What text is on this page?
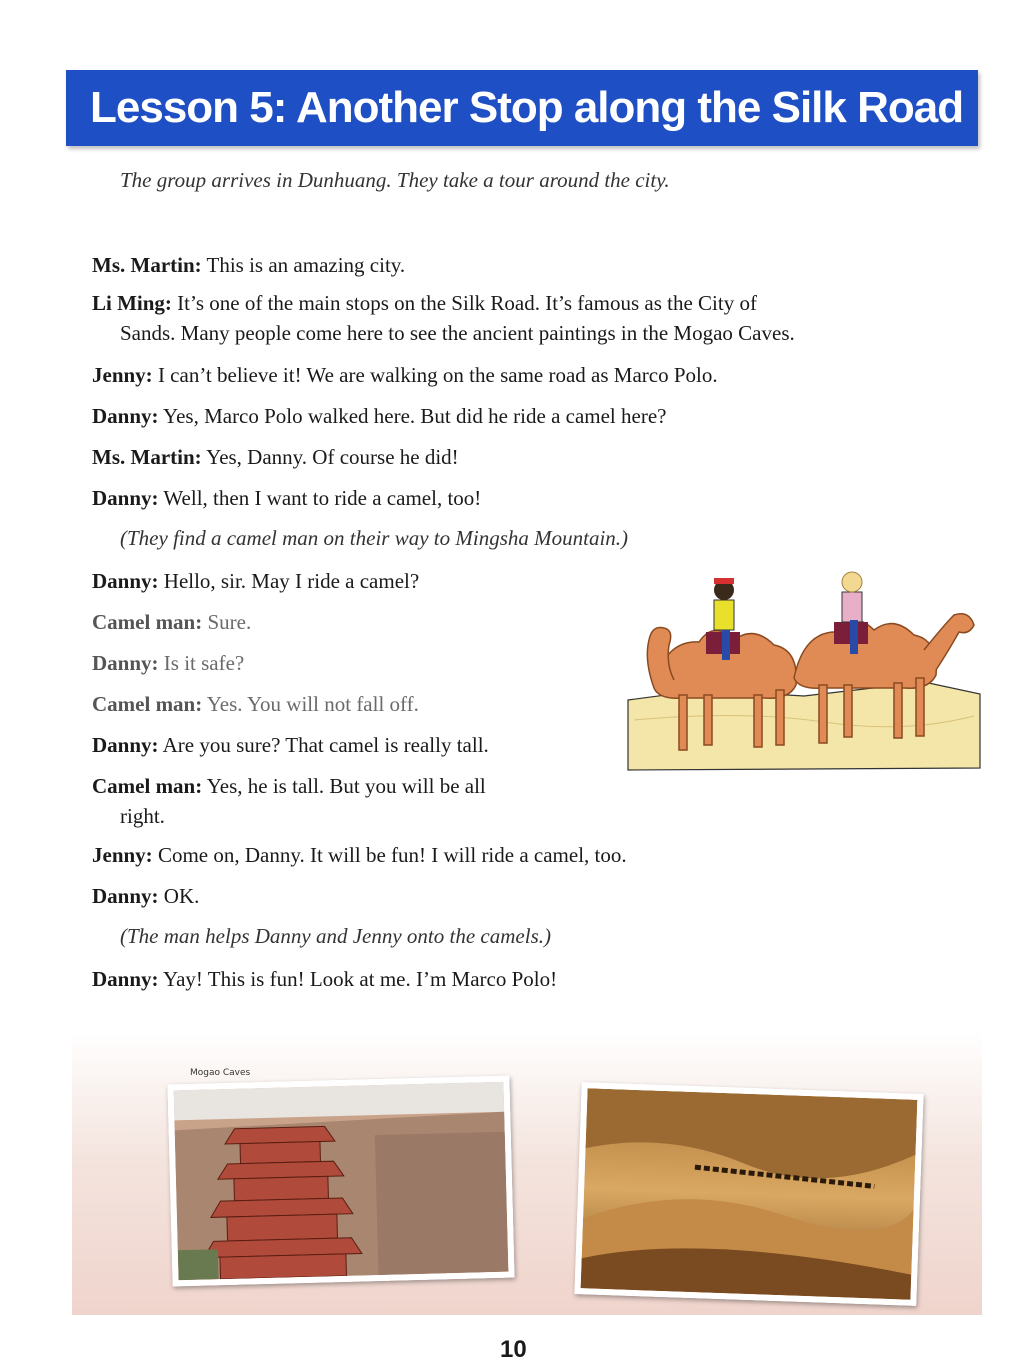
Lesson 5: Another Stop along the Silk Road
The group arrives in Dunhuang. They take a tour around the city.
Ms. Martin: This is an amazing city.
Li Ming: It’s one of the main stops on the Silk Road. It’s famous as the City of
Sands. Many people come here to see the ancient paintings in the Mogao Caves.
Jenny: I can’t believe it! We are walking on the same road as Marco Polo.
Danny: Yes, Marco Polo walked here. But did he ride a camel here?
Ms. Martin: Yes, Danny. Of course he did!
Danny: Well, then I want to ride a camel, too!
(They find a camel man on their way to Mingsha Mountain.)
Danny: Hello, sir. May I ride a camel?
Camel man: Sure.
Danny: Is it safe?
Camel man: Yes. You will not fall off.
Danny: Are you sure? That camel is really tall.
Camel man: Yes, he is tall. But you will be all
right.
Jenny: Come on, Danny. It will be fun! I will ride a camel, too.
Danny: OK.
(The man helps Danny and Jenny onto the camels.)
Danny: Yay! This is fun! Look at me. I’m Marco Polo!
Mogao Caves
10
